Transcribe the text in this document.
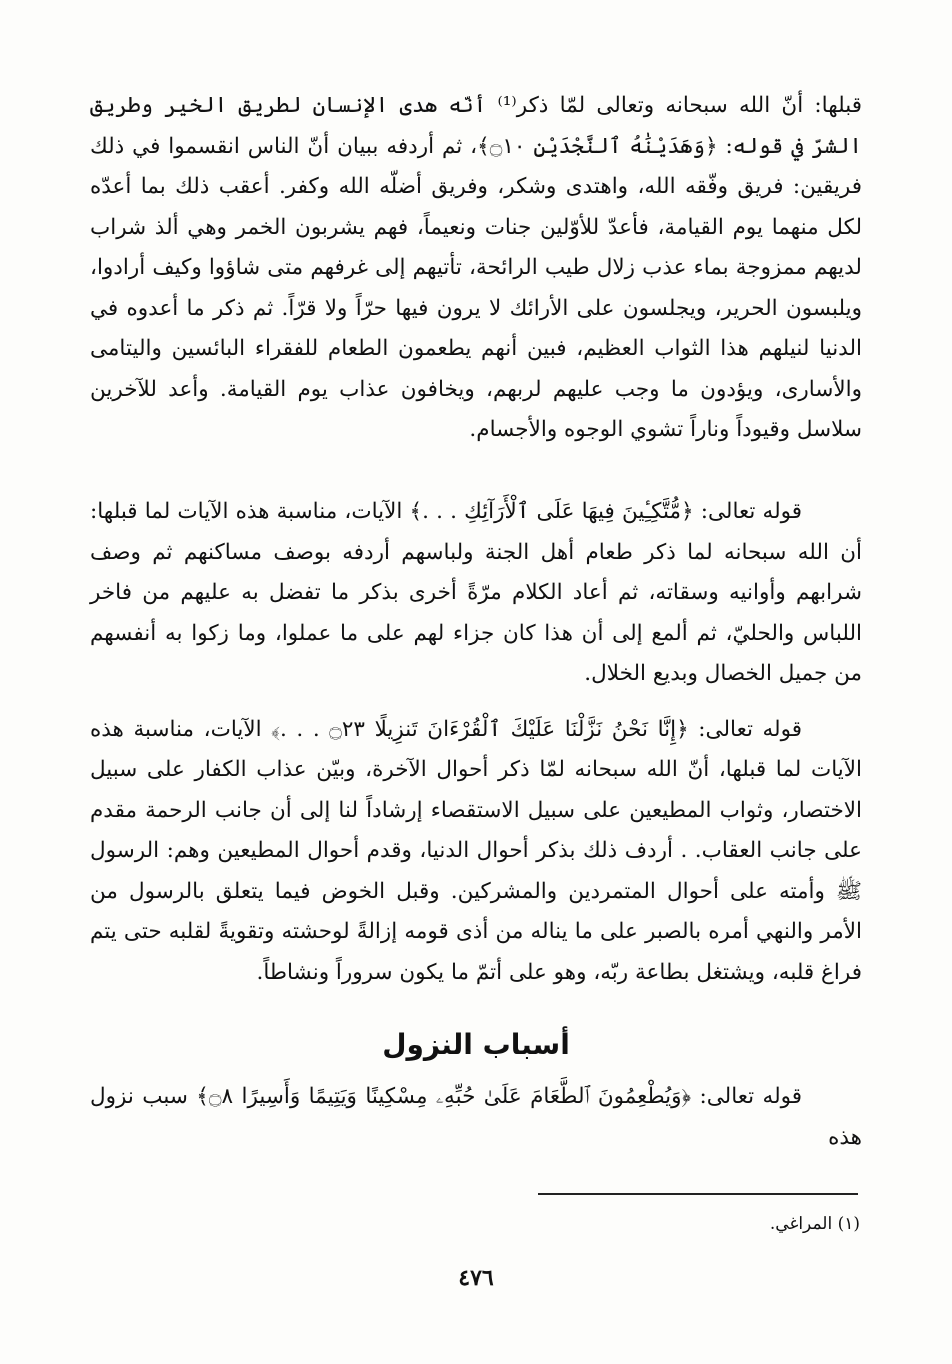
قبلها: أنّ الله سبحانه وتعالى لمّا ذكر⁽¹⁾ أنّه هدى الإنسان لطريق الخير وطريق الشرّ في قوله: ﴿وَهَدَيْنَٰهُ ٱلنَّجْدَيْنِ ۝١٠﴾، ثم أردفه ببيان أنّ الناس انقسموا في ذلك فريقين: فريق وفّقه الله، واهتدى وشكر، وفريق أضلّه الله وكفر. أعقب ذلك بما أعدّه لكل منهما يوم القيامة، فأعدّ للأوّلين جنات ونعيماً، فهم يشربون الخمر وهي ألذ شراب لديهم ممزوجة بماء عذب زلال طيب الرائحة، تأتيهم إلى غرفهم متى شاؤوا وكيف أرادوا، ويلبسون الحرير، ويجلسون على الأرائك لا يرون فيها حرّاً ولا قرّاً. ثم ذكر ما أعدوه في الدنيا لنيلهم هذا الثواب العظيم، فبين أنهم يطعمون الطعام للفقراء البائسين واليتامى والأسارى، ويؤدون ما وجب عليهم لربهم، ويخافون عذاب يوم القيامة. وأعد للآخرين سلاسل وقيوداً وناراً تشوي الوجوه والأجسام.

قوله تعالى: ﴿مُّتَّكِـِٔينَ فِيهَا عَلَى ٱلْأَرَآئِكِ . . .﴾ الآيات، مناسبة هذه الآيات لما قبلها: أن الله سبحانه لما ذكر طعام أهل الجنة ولباسهم أردفه بوصف مساكنهم ثم وصف شرابهم وأوانيه وسقاته، ثم أعاد الكلام مرّةً أخرى بذكر ما تفضل به عليهم من فاخر اللباس والحليّ، ثم ألمع إلى أن هذا كان جزاء لهم على ما عملوا، وما زكوا به أنفسهم من جميل الخصال وبديع الخلال.

قوله تعالى: ﴿إِنَّا نَحْنُ نَزَّلْنَا عَلَيْكَ ٱلْقُرْءَانَ تَنزِيلًا ۝٢٣ . . .﴾ الآيات، مناسبة هذه الآيات لما قبلها، أنّ الله سبحانه لمّا ذكر أحوال الآخرة، وبيّن عذاب الكفار على سبيل الاختصار، وثواب المطيعين على سبيل الاستقصاء إرشاداً لنا إلى أن جانب الرحمة مقدم على جانب العقاب. . أردف ذلك بذكر أحوال الدنيا، وقدم أحوال المطيعين وهم: الرسول ﷺ وأمته على أحوال المتمردين والمشركين. وقبل الخوض فيما يتعلق بالرسول من الأمر والنهي أمره بالصبر على ما يناله من أذى قومه إزالةً لوحشته وتقويةً لقلبه حتى يتم فراغ قلبه، ويشتغل بطاعة ربّه، وهو على أتمّ ما يكون سروراً ونشاطاً.

أسباب النزول

قوله تعالى: ﴿وَيُطْعِمُونَ ٱلطَّعَامَ عَلَىٰ حُبِّهِۦ مِسْكِينًا وَيَتِيمًا وَأَسِيرًا ۝٨﴾ سبب نزول هذه

(١) المراغي.
٤٧٦
